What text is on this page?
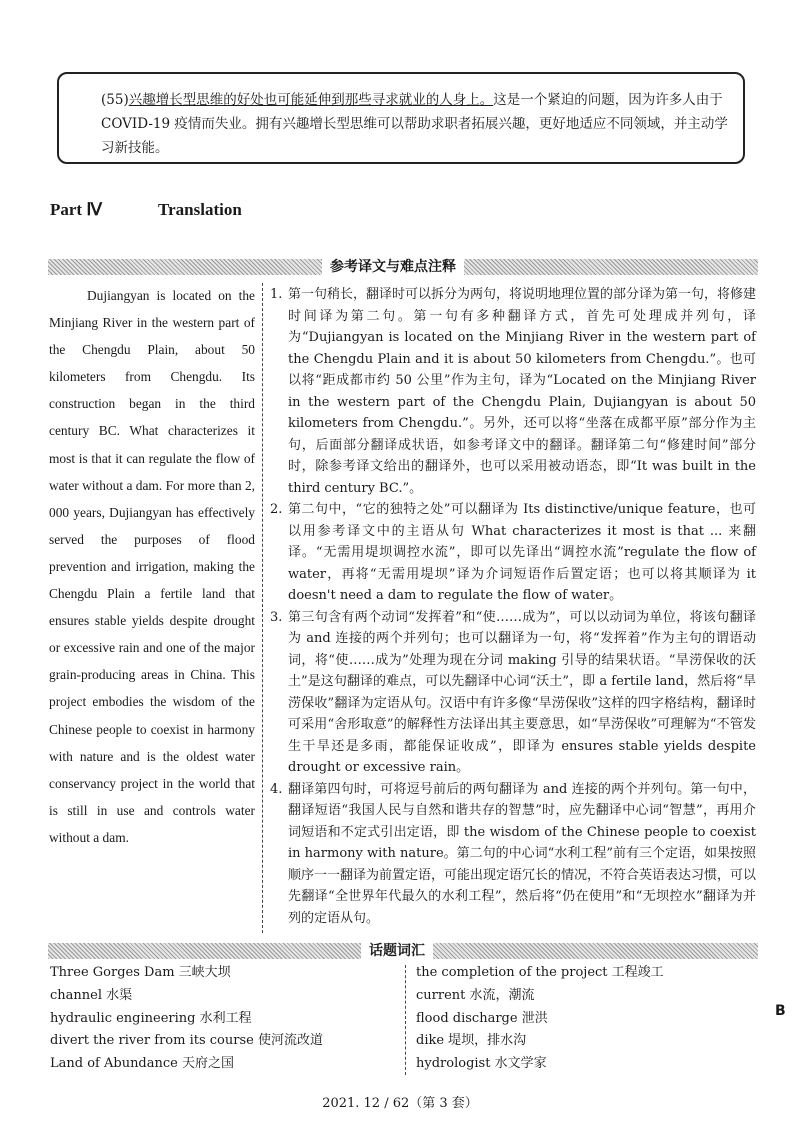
(55)兴趣增长型思维的好处也可能延伸到那些寻求就业的人身上。这是一个紧迫的问题，因为许多人由于 COVID-19 疫情而失业。拥有兴趣增长型思维可以帮助求职者拓展兴趣，更好地适应不同领域，并主动学习新技能。
Part Ⅳ	Translation
参考译文与难点注释

Dujiangyan is located on the Minjiang River in the western part of the Chengdu Plain, about 50 kilometers from Chengdu. Its construction began in the third century BC. What characterizes it most is that it can regulate the flow of water without a dam. For more than 2, 000 years, Dujiangyan has effectively served the purposes of flood prevention and irrigation, making the Chengdu Plain a fertile land that ensures stable yields despite drought or excessive rain and one of the major grain-producing areas in China. This project embodies the wisdom of the Chinese people to coexist in harmony with nature and is the oldest water conservancy project in the world that is still in use and controls water without a dam.

1. 第一句稍长，翻译时可以拆分为两句，将说明地理位置的部分译为第一句，将修建时间译为第二句。第一句有多种翻译方式，首先可处理成并列句，译为“Dujiangyan is located on the Minjiang River in the western part of the Chengdu Plain and it is about 50 kilometers from Chengdu.”。也可以将“距成都市约 50 公里”作为主句，译为“Located on the Minjiang River in the western part of the Chengdu Plain, Dujiangyan is about 50 kilometers from Chengdu.”。另外，还可以将“坐落在成都平原”部分作为主句，后面部分翻译成状语，如参考译文中的翻译。翻译第二句“修建时间”部分时，除参考译文给出的翻译外，也可以采用被动语态，即“It was built in the third century BC.”。
2. 第二句中，“它的独特之处”可以翻译为 Its distinctive/unique feature，也可以用参考译文中的主语从句 What characterizes it most is that ... 来翻译。“无需用堤坝调控水流”，即可以先译出“调控水流”regulate the flow of water，再将“无需用堤坝”译为介词短语作后置定语；也可以将其顺译为 it doesn't need a dam to regulate the flow of water。
3. 第三句含有两个动词“发挥着”和“使……成为”，可以以动词为单位，将该句翻译为 and 连接的两个并列句；也可以翻译为一句，将“发挥着”作为主句的谓语动词，将“使……成为”处理为现在分词 making 引导的结果状语。“旱涝保收的沃土”是这句翻译的难点，可以先翻译中心词“沃土”，即 a fertile land，然后将“旱涝保收”翻译为定语从句。汉语中有许多像“旱涝保收”这样的四字格结构，翻译时可采用“舍形取意”的解释性方法译出其主要意思，如“旱涝保收”可理解为“不管发生干旱还是多雨，都能保证收成”，即译为 ensures stable yields despite drought or excessive rain。
4. 翻译第四句时，可将逗号前后的两句翻译为 and 连接的两个并列句。第一句中，翻译短语“我国人民与自然和谐共存的智慧”时，应先翻译中心词“智慧”，再用介词短语和不定式引出定语，即 the wisdom of the Chinese people to coexist in harmony with nature。第二句的中心词“水利工程”前有三个定语，如果按照顺序一一翻译为前置定语，可能出现定语冗长的情况，不符合英语表达习惯，可以先翻译“全世界年代最久的水利工程”，然后将“仍在使用”和“无坝控水”翻译为并列的定语从句。
话题词汇
Three Gorges Dam 三峡大坝
channel 水渠
hydraulic engineering 水利工程
divert the river from its course 使河流改道
Land of Abundance 天府之国
the completion of the project 工程竣工
current 水流，潮流
flood discharge 泄洪
dike 堤坝，排水沟
hydrologist 水文学家
B
2021. 12 / 62（第 3 套）
